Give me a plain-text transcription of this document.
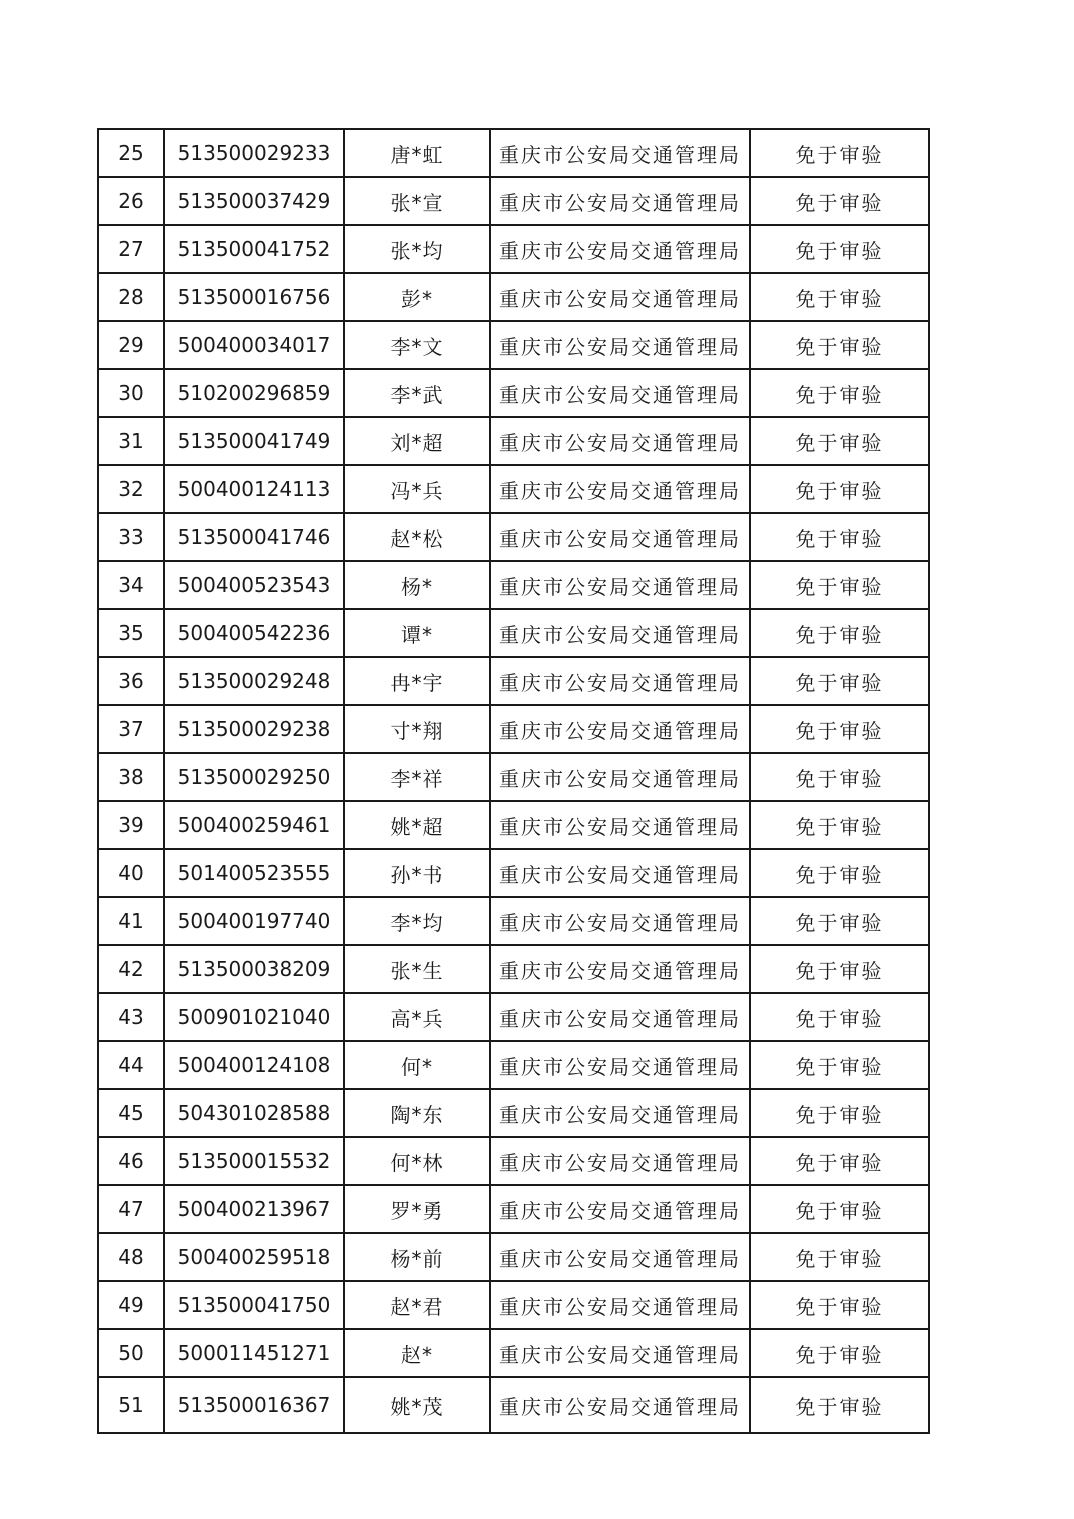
25	513500029233	唐*虹	重庆市公安局交通管理局	免于审验
26	513500037429	张*宣	重庆市公安局交通管理局	免于审验
27	513500041752	张*均	重庆市公安局交通管理局	免于审验
28	513500016756	彭*	重庆市公安局交通管理局	免于审验
29	500400034017	李*文	重庆市公安局交通管理局	免于审验
30	510200296859	李*武	重庆市公安局交通管理局	免于审验
31	513500041749	刘*超	重庆市公安局交通管理局	免于审验
32	500400124113	冯*兵	重庆市公安局交通管理局	免于审验
33	513500041746	赵*松	重庆市公安局交通管理局	免于审验
34	500400523543	杨*	重庆市公安局交通管理局	免于审验
35	500400542236	谭*	重庆市公安局交通管理局	免于审验
36	513500029248	冉*宇	重庆市公安局交通管理局	免于审验
37	513500029238	寸*翔	重庆市公安局交通管理局	免于审验
38	513500029250	李*祥	重庆市公安局交通管理局	免于审验
39	500400259461	姚*超	重庆市公安局交通管理局	免于审验
40	501400523555	孙*书	重庆市公安局交通管理局	免于审验
41	500400197740	李*均	重庆市公安局交通管理局	免于审验
42	513500038209	张*生	重庆市公安局交通管理局	免于审验
43	500901021040	高*兵	重庆市公安局交通管理局	免于审验
44	500400124108	何*	重庆市公安局交通管理局	免于审验
45	504301028588	陶*东	重庆市公安局交通管理局	免于审验
46	513500015532	何*林	重庆市公安局交通管理局	免于审验
47	500400213967	罗*勇	重庆市公安局交通管理局	免于审验
48	500400259518	杨*前	重庆市公安局交通管理局	免于审验
49	513500041750	赵*君	重庆市公安局交通管理局	免于审验
50	500011451271	赵*	重庆市公安局交通管理局	免于审验
51	513500016367	姚*茂	重庆市公安局交通管理局	免于审验
